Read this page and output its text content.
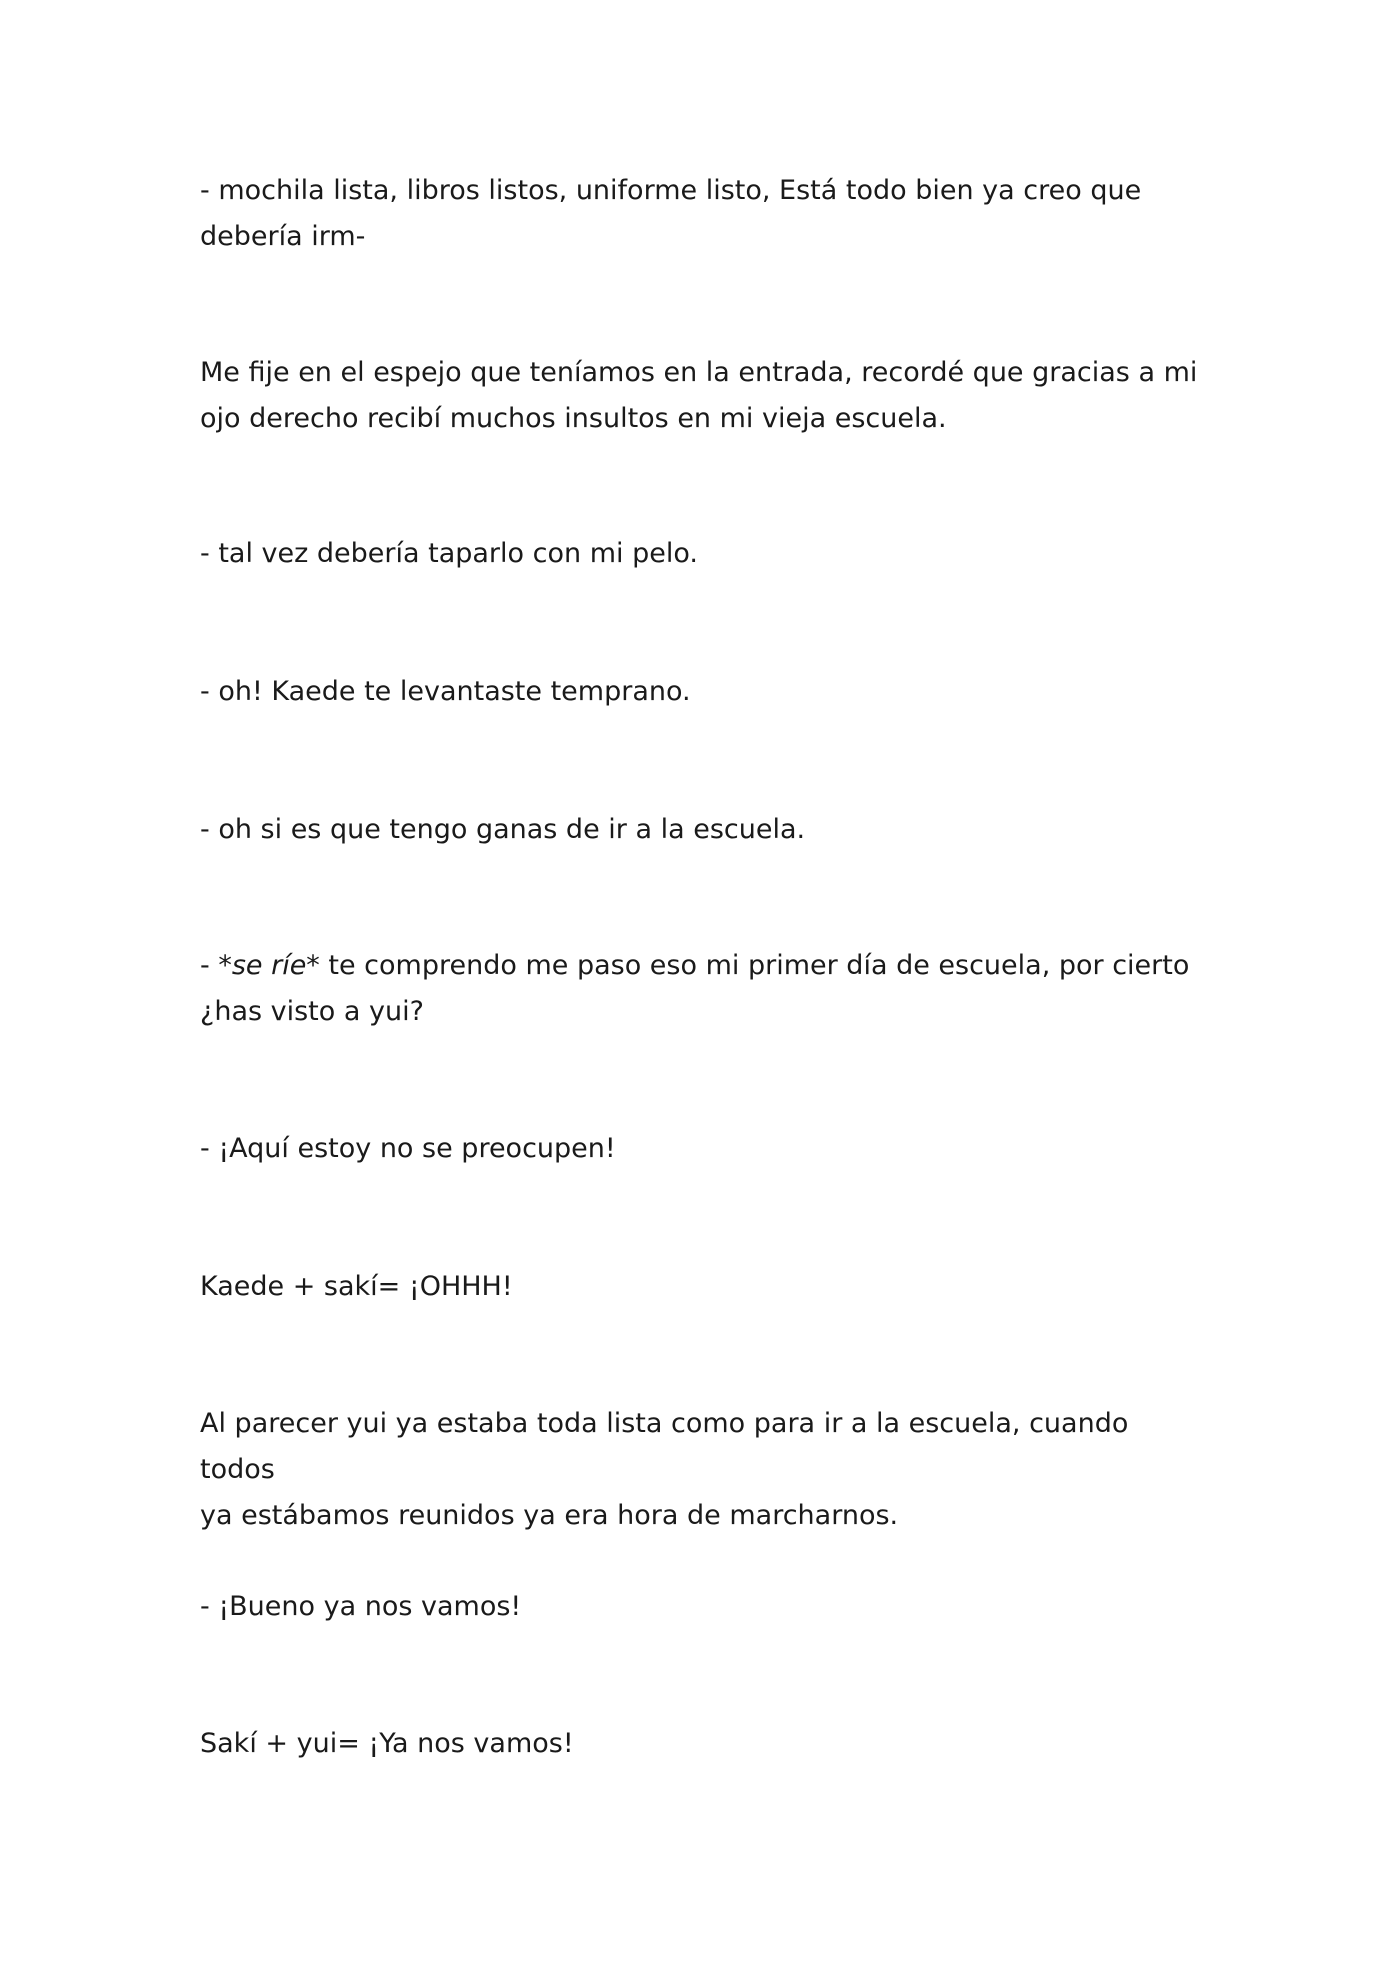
- mochila lista, libros listos, uniforme listo, Está todo bien ya creo que
debería irm-

Me fije en el espejo que teníamos en la entrada, recordé que gracias a mi
ojo derecho recibí muchos insultos en mi vieja escuela.

- tal vez debería taparlo con mi pelo.

- oh! Kaede te levantaste temprano.

- oh si es que tengo ganas de ir a la escuela.

- *se ríe* te comprendo me paso eso mi primer día de escuela, por cierto
¿has visto a yui?

- ¡Aquí estoy no se preocupen!

Kaede + sakí= ¡OHHH!

Al parecer yui ya estaba toda lista como para ir a la escuela, cuando todos
ya estábamos reunidos ya era hora de marcharnos.

- ¡Bueno ya nos vamos!

Sakí + yui= ¡Ya nos vamos!
